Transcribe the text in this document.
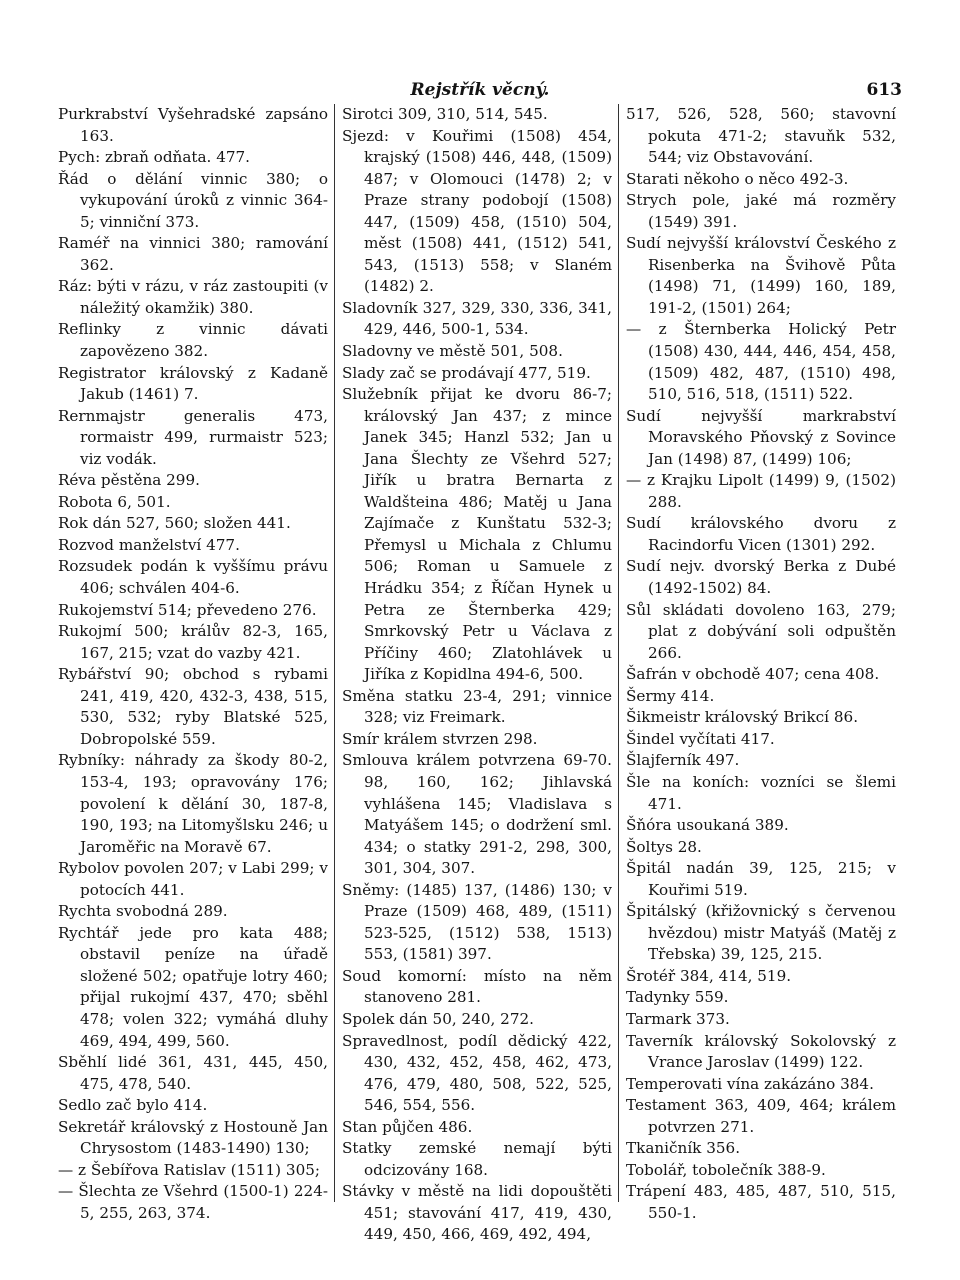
Rejstřík věcný.	613

Purkrabství Vyšehradské zapsáno 163.

Pych: zbraň odňata. 477.

Řád o dělání vinnic 380; o vykupování úroků z vinnic 364-5; vinniční 373.

Raméř na vinnici 380; ramování 362.

Ráz: býti v rázu, v ráz zastoupiti (v náležitý okamžik) 380.

Reflinky z vinnic dávati zapovězeno 382.

Registrator královský z Kadaně Jakub (1461) 7.

Rernmajstr generalis 473, rormaistr 499, rurmaistr 523; viz vodák.

Réva pěstěna 299.

Robota 6, 501.

Rok dán 527, 560; složen 441.

Rozvod manželství 477.

Rozsudek podán k vyššímu právu 406; schválen 404-6.

Rukojemství 514; převedeno 276.

Rukojmí 500; králův 82-3, 165, 167, 215; vzat do vazby 421.

Rybářství 90; obchod s rybami 241, 419, 420, 432-3, 438, 515, 530, 532; ryby Blatské 525, Dobropolské 559.

Rybníky: náhrady za škody 80-2, 153-4, 193; opravovány 176; povolení k dělání 30, 187-8, 190, 193; na Litomyšlsku 246; u Jaroměřic na Moravě 67.

Rybolov povolen 207; v Labi 299; v potocích 441.

Rychta svobodná 289.

Rychtář jede pro kata 488; obstavil peníze na úřadě složené 502; opatřuje lotry 460; přijal rukojmí 437, 470; sběhl 478; volen 322; vymáhá dluhy 469, 494, 499, 560.

Sběhlí lidé 361, 431, 445, 450, 475, 478, 540.

Sedlo zač bylo 414.

Sekretář královský z Hostouně Jan Chrysostom (1483-1490) 130;

— z Šebířova Ratislav (1511) 305;

— Šlechta ze Všehrd (1500-1) 224-5, 255, 263, 374.

Sirotci 309, 310, 514, 545.

Sjezd: v Kouřimi (1508) 454, krajský (1508) 446, 448, (1509) 487; v Olomouci (1478) 2; v Praze strany podobojí (1508) 447, (1509) 458, (1510) 504, měst (1508) 441, (1512) 541, 543, (1513) 558; v Slaném (1482) 2.

Sladovník 327, 329, 330, 336, 341, 429, 446, 500-1, 534.

Sladovny ve městě 501, 508.

Slady zač se prodávají 477, 519.

Služebník přijat ke dvoru 86-7; královský Jan 437; z mince Janek 345; Hanzl 532; Jan u Jana Šlechty ze Všehrd 527; Jiřík u bratra Bernarta z Waldšteina 486; Matěj u Jana Zajímače z Kunštatu 532-3; Přemysl u Michala z Chlumu 506; Roman u Samuele z Hrádku 354; z Říčan Hynek u Petra ze Šternberka 429; Smrkovský Petr u Václava z Příčiny 460; Zlatohlávek u Jiříka z Kopidlna 494-6, 500.

Směna statku 23-4, 291; vinnice 328; viz Freimark.

Smír králem stvrzen 298.

Smlouva králem potvrzena 69-70. 98, 160, 162; Jihlavská vyhlášena 145; Vladislava s Matyášem 145; o dodržení sml. 434; o statky 291-2, 298, 300, 301, 304, 307.

Sněmy: (1485) 137, (1486) 130; v Praze (1509) 468, 489, (1511) 523-525, (1512) 538, 1513) 553, (1581) 397.

Soud komorní: místo na něm stanoveno 281.

Spolek dán 50, 240, 272.

Spravedlnost, podíl dědický 422, 430, 432, 452, 458, 462, 473, 476, 479, 480, 508, 522, 525, 546, 554, 556.

Stan půjčen 486.

Statky zemské nemají býti odcizovány 168.

Stávky v městě na lidi dopouštěti 451; stavování 417, 419, 430, 449, 450, 466, 469, 492, 494,

517, 526, 528, 560; stavovní pokuta 471-2; stavuňk 532, 544; viz Obstavování.

Starati někoho o něco 492-3.

Strych pole, jaké má rozměry (1549) 391.

Sudí nejvyšší království Českého z Risenberka na Švihově Půta (1498) 71, (1499) 160, 189, 191-2, (1501) 264;

— z Šternberka Holický Petr (1508) 430, 444, 446, 454, 458, (1509) 482, 487, (1510) 498, 510, 516, 518, (1511) 522.

Sudí nejvyšší markrabství Moravského Pňovský z Sovince Jan (1498) 87, (1499) 106;

— z Krajku Lipolt (1499) 9, (1502) 288.

Sudí královského dvoru z Racindorfu Vicen (1301) 292.

Sudí nejv. dvorský Berka z Dubé (1492-1502) 84.

Sůl skládati dovoleno 163, 279; plat z dobývání soli odpuštěn 266.

Šafrán v obchodě 407; cena 408.

Šermy 414.

Šikmeistr královský Brikcí 86.

Šindel vyčítati 417.

Šlajferník 497.

Šle na koních: vozníci se šlemi 471.

Šňóra usoukaná 389.

Šoltys 28.

Špitál nadán 39, 125, 215; v Kouřimi 519.

Špitálský (křižovnický s červenou hvězdou) mistr Matyáš (Matěj z Třebska) 39, 125, 215.

Šrotéř 384, 414, 519.

Tadynky 559.

Tarmark 373.

Taverník královský Sokolovský z Vrance Jaroslav (1499) 122.

Temperovati vína zakázáno 384.

Testament 363, 409, 464; králem potvrzen 271.

Tkaničník 356.

Tobolář, tobolečník 388-9.

Trápení 483, 485, 487, 510, 515, 550-1.
